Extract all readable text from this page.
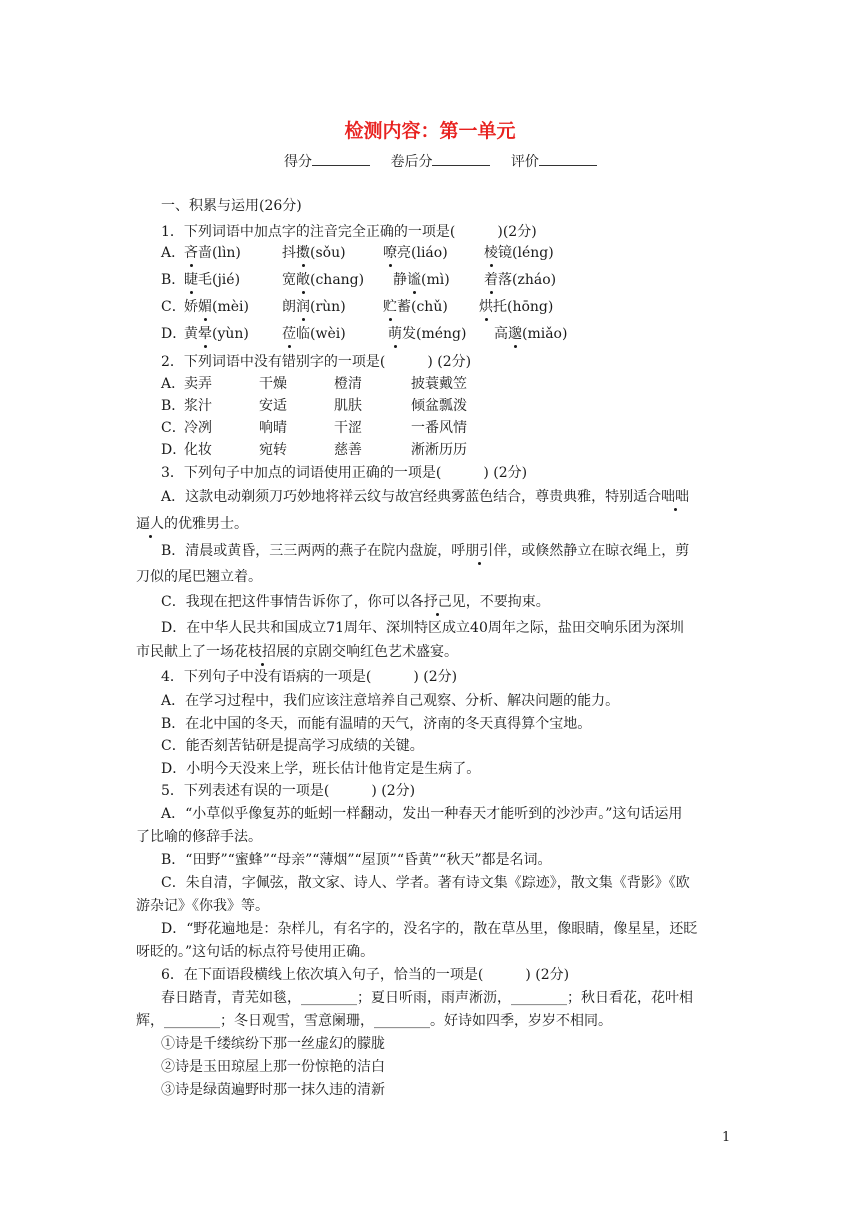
检测内容：第一单元
得分	卷后分	评价
一、积累与运用(26分)
1．下列词语中加点字的注音完全正确的一项是(　　　)(2分)
A．
吝啬(lìn)	抖擞(sǒu)	嘹亮(liáo)	棱镜(léng)
B．
睫毛(jié)	宽敞(chang) 静谧(mì) 着落(zháo)
C．
娇媚(mèi) 朗润(rùn)	贮蓄(chǔ) 烘托(hōng)
D．
黄晕(yùn) 莅临(wèi)	萌发(méng) 高邈(miǎo)
2．下列词语中没有错别字的一项是(　　　) (2分)
A．
卖弄	干燥	橙清	披蓑戴笠
B．
浆汁	安适	肌肤	倾盆瓢泼
C．
冷冽	响晴	干涩	一番风情
D．
化妆	宛转	慈善	淅淅历历
3．下列句子中加点的词语使用正确的一项是(　　　) (2分)
A．这款电动剃须刀巧妙地将祥云纹与故宫经典雾蓝色结合，尊贵典雅，特别适合咄咄
逼人的优雅男士。
B．清晨或黄昏，三三两两的燕子在院内盘旋，呼朋引伴，或倏然静立在晾衣绳上，剪
刀似的尾巴翘立着。
C．我现在把这件事情告诉你了，你可以各抒己见，不要拘束。
D．在中华人民共和国成立71周年、深圳特区成立40周年之际，盐田交响乐团为深圳
市民献上了一场花枝招展的京剧交响红色艺术盛宴。
4．下列句子中没有语病的一项是(　　　) (2分)
A．在学习过程中，我们应该注意培养自己观察、分析、解决问题的能力。
B．在北中国的冬天，而能有温晴的天气，济南的冬天真得算个宝地。
C．能否刻苦钻研是提高学习成绩的关键。
D．小明今天没来上学，班长估计他肯定是生病了。
5．下列表述有误的一项是(　　　) (2分)
A．“小草似乎像复苏的蚯蚓一样翻动，发出一种春天才能听到的沙沙声。”这句话运用
了比喻的修辞手法。
B．“田野”“蜜蜂”“母亲”“薄烟”“屋顶”“昏黄”“秋天”都是名词。
C．朱自清，字佩弦，散文家、诗人、学者。著有诗文集《踪迹》，散文集《背影》《欧
游杂记》《你我》等。
D．“野花遍地是：杂样儿，有名字的，没名字的，散在草丛里，像眼睛，像星星，还眨
呀眨的。”这句话的标点符号使用正确。
6．在下面语段横线上依次填入句子，恰当的一项是(　　　) (2分)
春日踏青，青芜如毯，________；夏日听雨，雨声淅沥，________；秋日看花，花叶相
辉，________；冬日观雪，雪意阑珊，________。好诗如四季，岁岁不相同。
①诗是千缕缤纷下那一丝虚幻的朦胧
②诗是玉田琼屋上那一份惊艳的洁白
③诗是绿茵遍野时那一抹久违的清新
1
